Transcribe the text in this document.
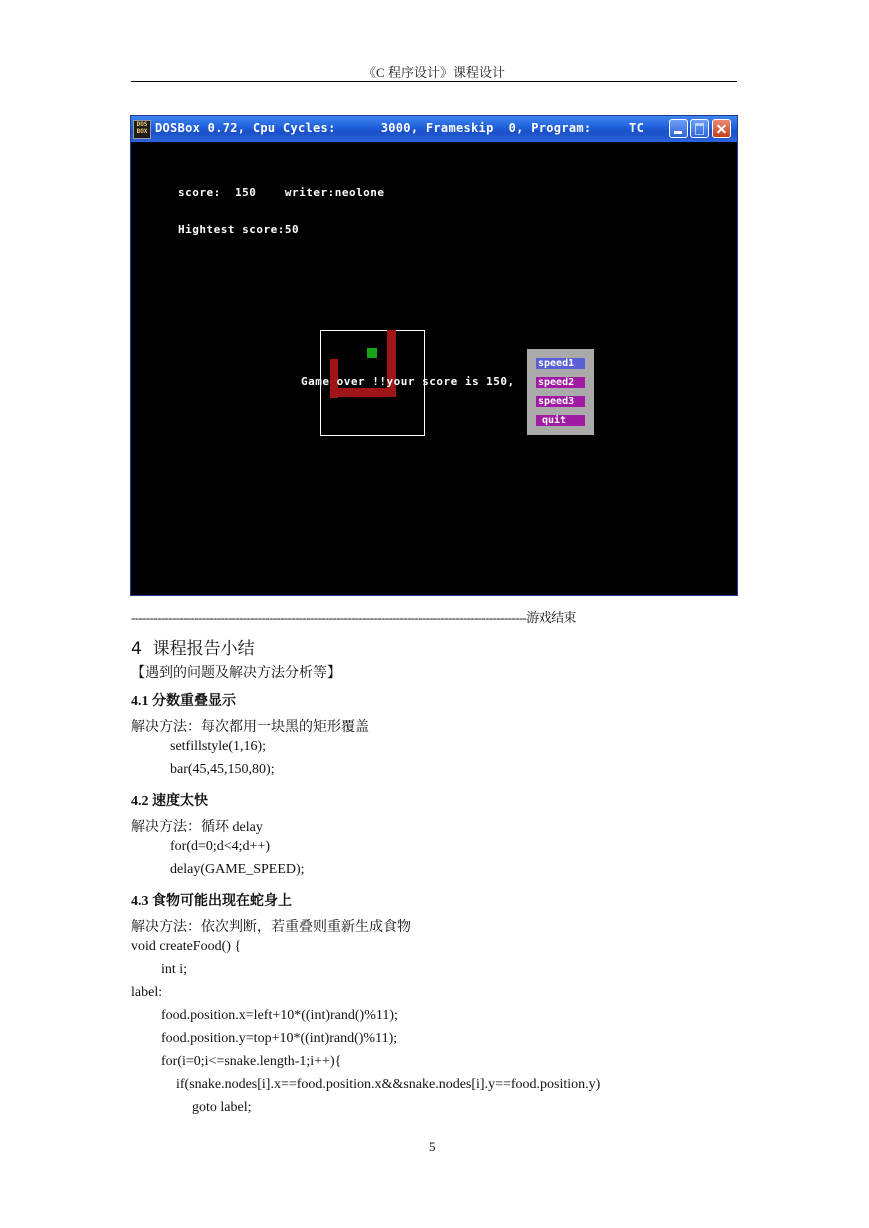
《C 程序设计》课程设计
DOS BOX DOSBox 0.72, Cpu Cycles:      3000, Frameskip  0, Program:     TC
score:  150    writer:neolone
Hightest score:50
Game over !!your score is 150,
speed1
speed2
speed3
quit
----------------------------------------------------------------------------------------------------------游戏结束
4  课程报告小结
【遇到的问题及解决方法分析等】
4.1 分数重叠显示
解决方法：每次都用一块黑的矩形覆盖
setfillstyle(1,16);
bar(45,45,150,80);
4.2 速度太快
解决方法：循环 delay
for(d=0;d<4;d++)
delay(GAME_SPEED);
4.3 食物可能出现在蛇身上
解决方法：依次判断，若重叠则重新生成食物
void createFood() {
int i;
label:
food.position.x=left+10*((int)rand()%11);
food.position.y=top+10*((int)rand()%11);
for(i=0;i<=snake.length-1;i++){
if(snake.nodes[i].x==food.position.x&&snake.nodes[i].y==food.position.y)
goto label;
5
